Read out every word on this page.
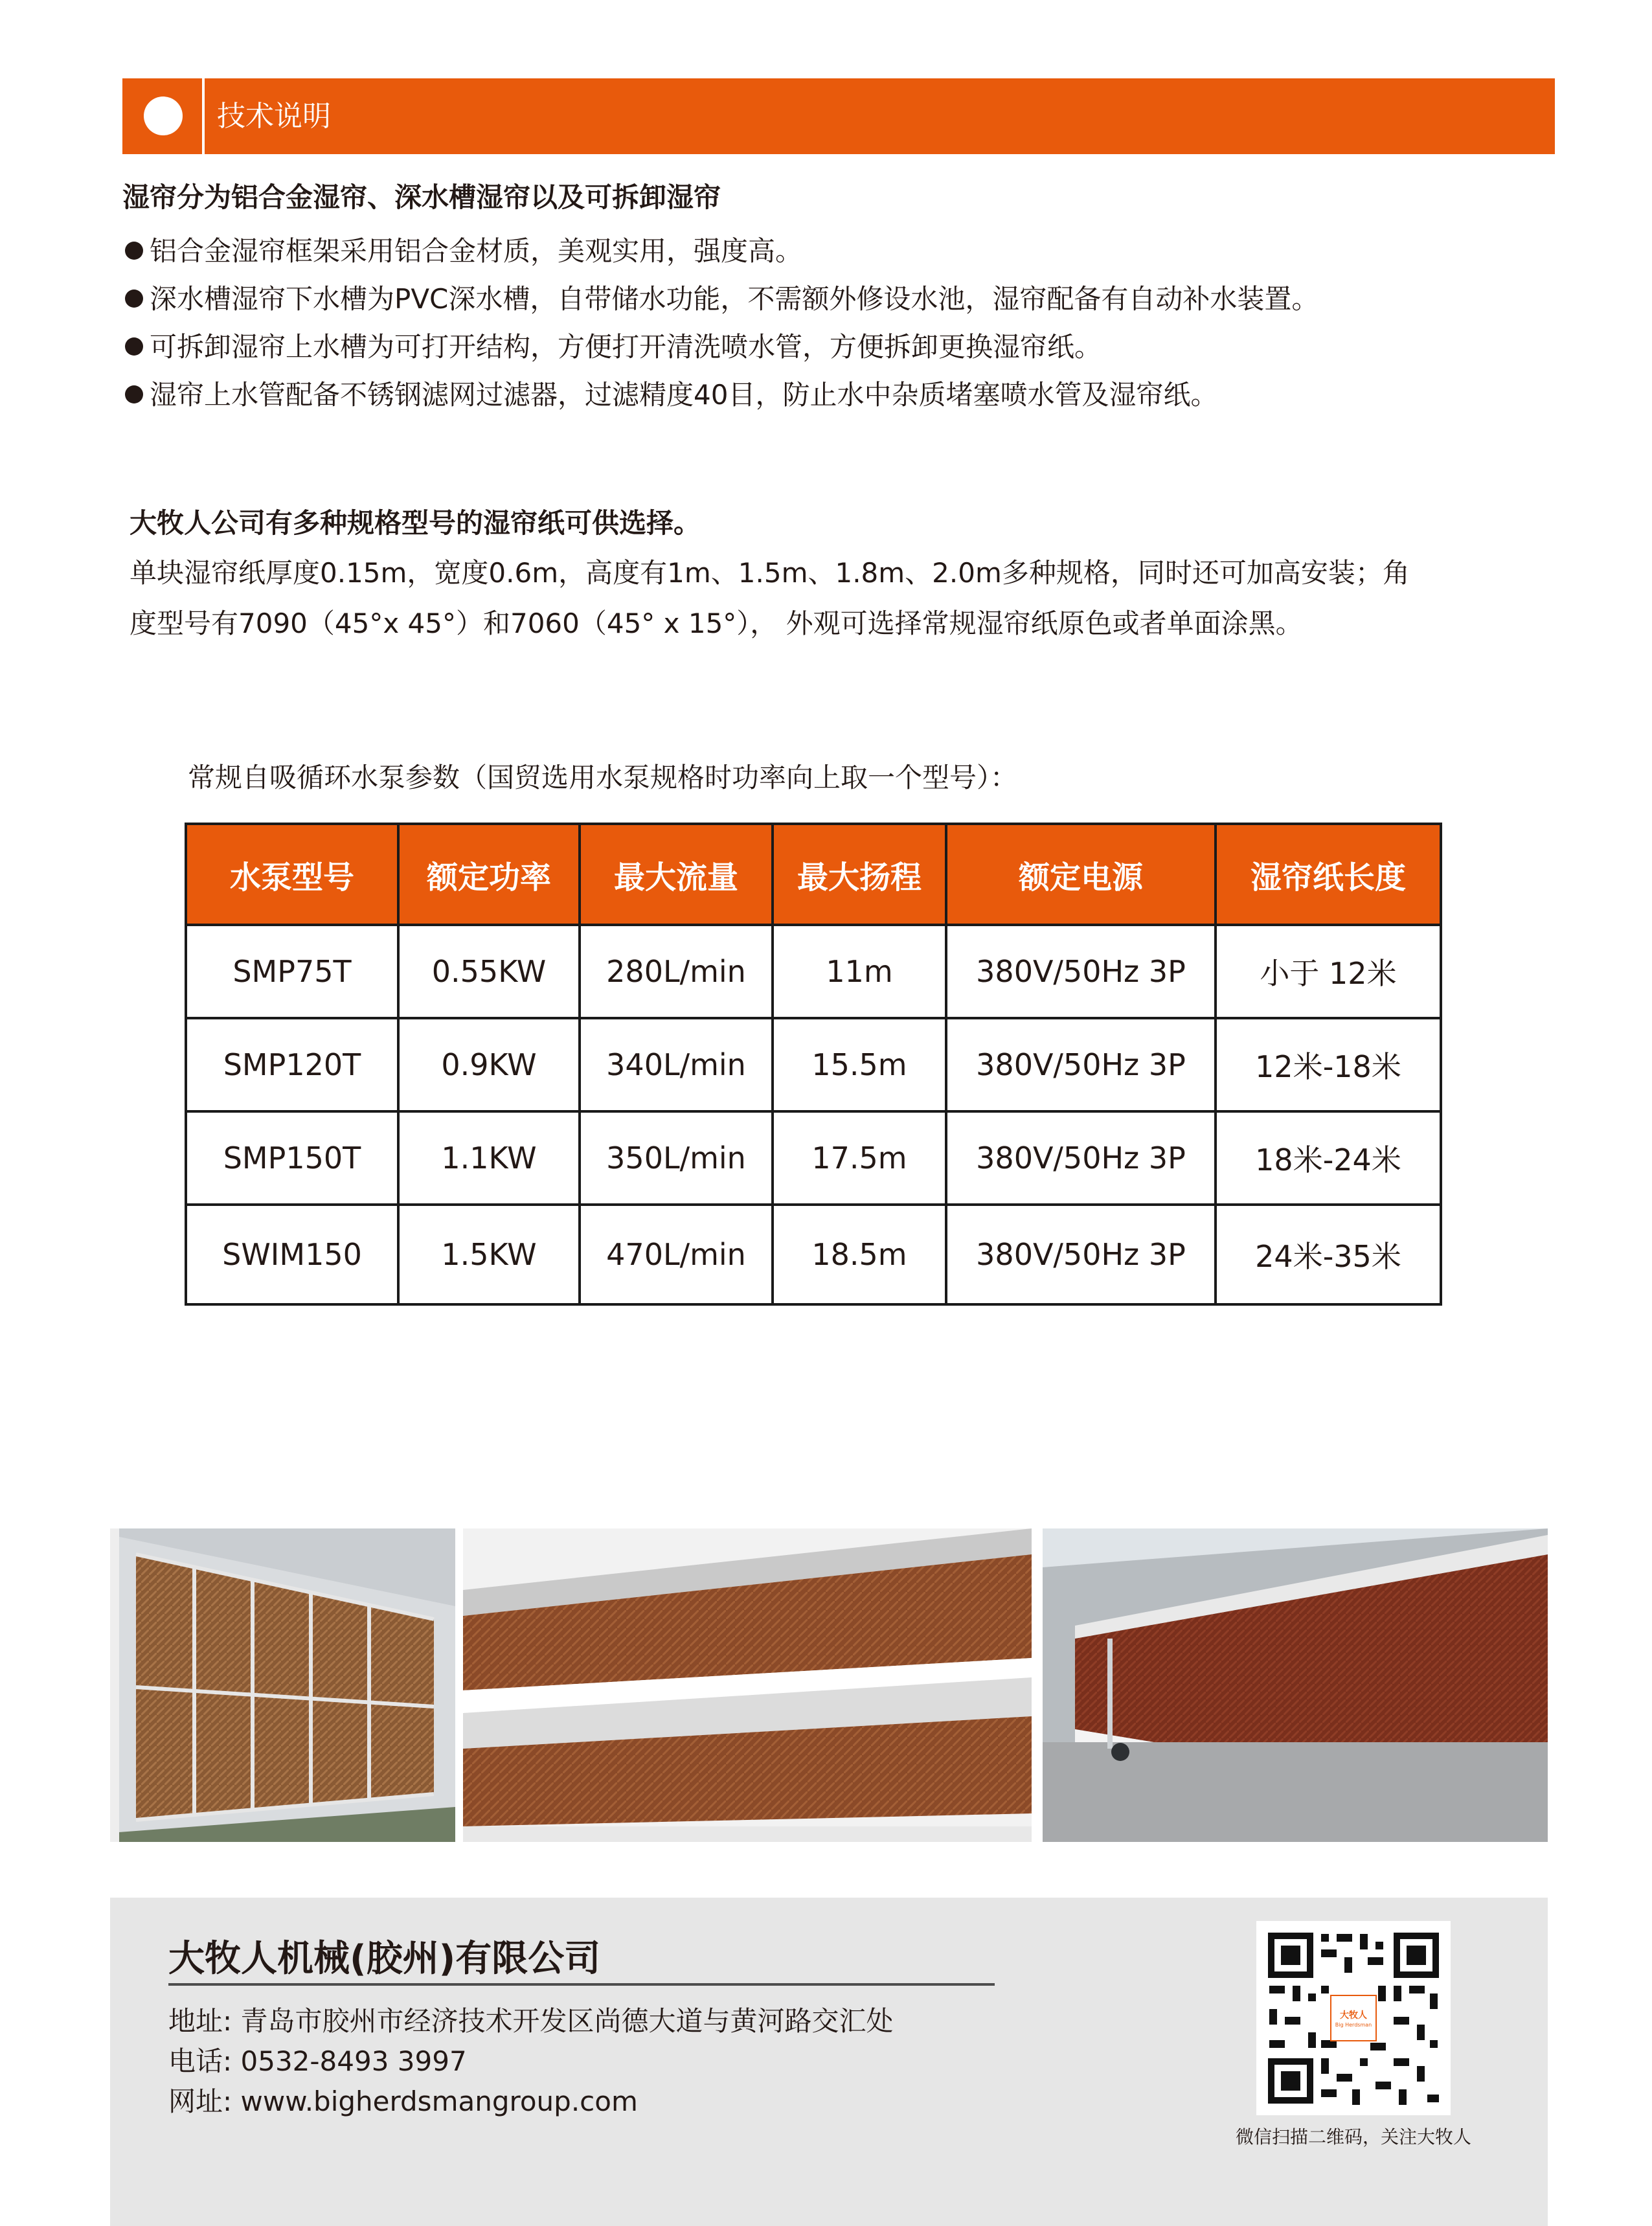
技术说明
湿帘分为铝合金湿帘、深水槽湿帘以及可拆卸湿帘
铝合金湿帘框架采用铝合金材质，美观实用，强度高。
深水槽湿帘下水槽为PVC深水槽，自带储水功能，不需额外修设水池，湿帘配备有自动补水装置。
可拆卸湿帘上水槽为可打开结构，方便打开清洗喷水管，方便拆卸更换湿帘纸。
湿帘上水管配备不锈钢滤网过滤器，过滤精度40目，防止水中杂质堵塞喷水管及湿帘纸。
大牧人公司有多种规格型号的湿帘纸可供选择。
单块湿帘纸厚度0.15m，宽度0.6m，高度有1m、1.5m、1.8m、2.0m多种规格，同时还可加高安装；角
度型号有7090（45°x 45°）和7060（45° x 15°）， 外观可选择常规湿帘纸原色或者单面涂黑。
常规自吸循环水泵参数（国贸选用水泵规格时功率向上取一个型号）：
水泵型号	额定功率	最大流量	最大扬程	额定电源	湿帘纸长度
SMP75T	0.55KW	280L/min	11m	380V/50Hz 3P	小于 12米
SMP120T	0.9KW	340L/min	15.5m	380V/50Hz 3P	12米-18米
SMP150T	1.1KW	350L/min	17.5m	380V/50Hz 3P	18米-24米
SWIM150	1.5KW	470L/min	18.5m	380V/50Hz 3P	24米-35米
大牧人机械(胶州)有限公司
地址: 青岛市胶州市经济技术开发区尚德大道与黄河路交汇处
电话: 0532-8493 3997
网址: www.bigherdsmangroup.com
大牧人
Big Herdsman
微信扫描二维码，关注大牧人
